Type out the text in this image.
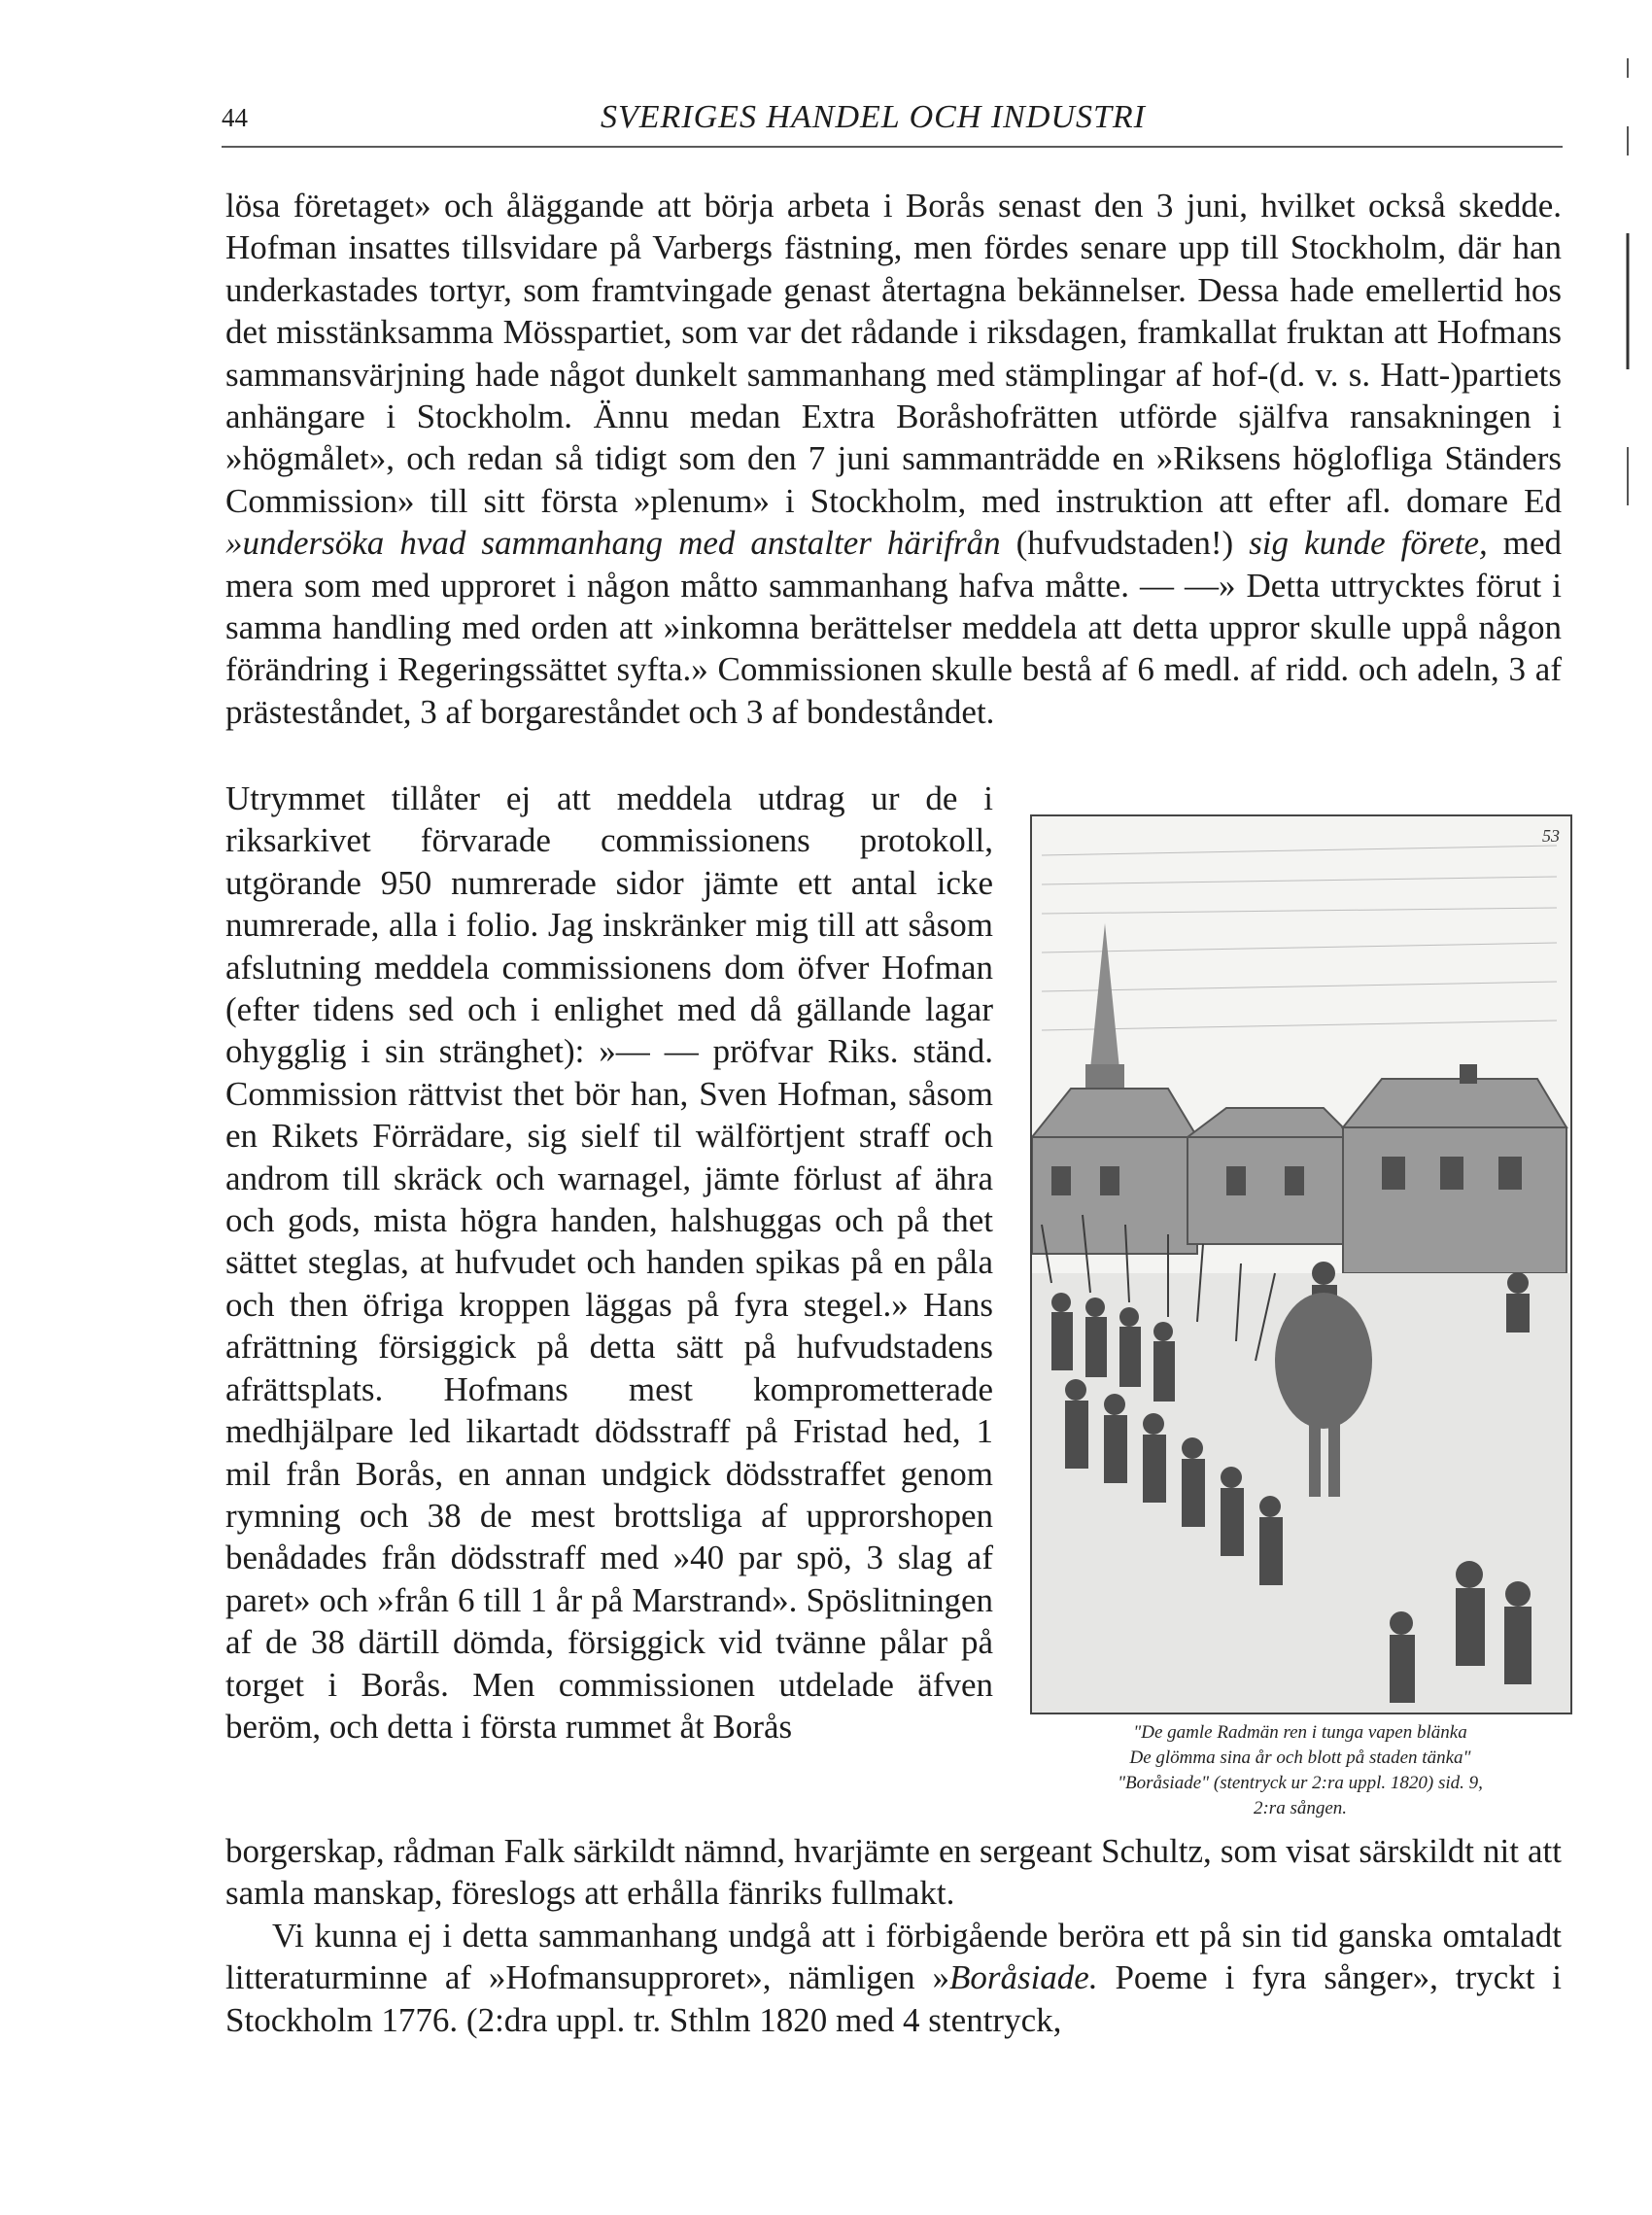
44	SVERIGES HANDEL OCH INDUSTRI

lösa företaget» och åläggande att börja arbeta i Borås senast den 3 juni, hvilket också skedde. Hofman insattes tillsvidare på Varbergs fästning, men fördes senare upp till Stockholm, där han underkastades tortyr, som framtvingade genast återtagna bekännelser. Dessa hade emellertid hos det misstänksamma Mösspartiet, som var det rådande i riksdagen, framkallat fruktan att Hofmans sammansvärjning hade något dunkelt sammanhang med stämplingar af hof-(d. v. s. Hatt-)partiets anhängare i Stockholm. Ännu medan Extra Boråshofrätten utförde själfva ransakningen i »högmålet», och redan så tidigt som den 7 juni sammanträdde en »Riksens höglofliga Ständers Commission» till sitt första »plenum» i Stockholm, med instruktion att efter afl. domare Ed »undersöka hvad sammanhang med anstalter härifrån (hufvudstaden!) sig kunde förete, med mera som med upproret i någon måtto sammanhang hafva måtte. — —» Detta uttrycktes förut i samma handling med orden att »inkomna berättelser meddela att detta uppror skulle uppå någon förändring i Regeringssättet syfta.» Commissionen skulle bestå af 6 medl. af ridd. och adeln, 3 af prästeståndet, 3 af borgareståndet och 3 af bondeståndet.

Utrymmet tillåter ej att meddela utdrag ur de i riksarkivet förvarade commissionens protokoll, utgörande 950 numrerade sidor jämte ett antal icke numrerade, alla i folio. Jag inskränker mig till att såsom afslutning meddela commissionens dom öfver Hofman (efter tidens sed och i enlighet med då gällande lagar ohygglig i sin stränghet): »— — pröfvar Riks. ständ. Commission rättvist thet bör han, Sven Hofman, såsom en Rikets Förrädare, sig sielf til wälförtjent straff och androm till skräck och warnagel, jämte förlust af ähra och gods, mista högra handen, halshuggas och på thet sättet steglas, at hufvudet och handen spikas på en påla och then öfriga kroppen läggas på fyra stegel.» Hans afrättning försiggick på detta sätt på hufvudstadens afrättsplats. Hofmans mest komprometterade medhjälpare led likartadt dödsstraff på Fristad hed, 1 mil från Borås, en annan undgick dödsstraffet genom rymning och 38 de mest brottsliga af upprorshopen benådades från dödsstraff med »40 par spö, 3 slag af paret» och »från 6 till 1 år på Marstrand». Spöslitningen af de 38 därtill dömda, försiggick vid tvänne pålar på torget i Borås. Men commissionen utdelade äfven beröm, och detta i första rummet åt Borås

53
"De gamle Radmän ren i tunga vapen blänka
De glömma sina år och blott på staden tänka"
"Boråsiade" (stentryck ur 2:ra uppl. 1820) sid. 9,
2:ra sången.

borgerskap, rådman Falk särkildt nämnd, hvarjämte en sergeant Schultz, som visat särskildt nit att samla manskap, föreslogs att erhålla fänriks fullmakt.

Vi kunna ej i detta sammanhang undgå att i förbigående beröra ett på sin tid ganska omtaladt litteraturminne af »Hofmansupproret», nämligen »Boråsiade. Poeme i fyra sånger», tryckt i Stockholm 1776. (2:dra uppl. tr. Sthlm 1820 med 4 stentryck,
